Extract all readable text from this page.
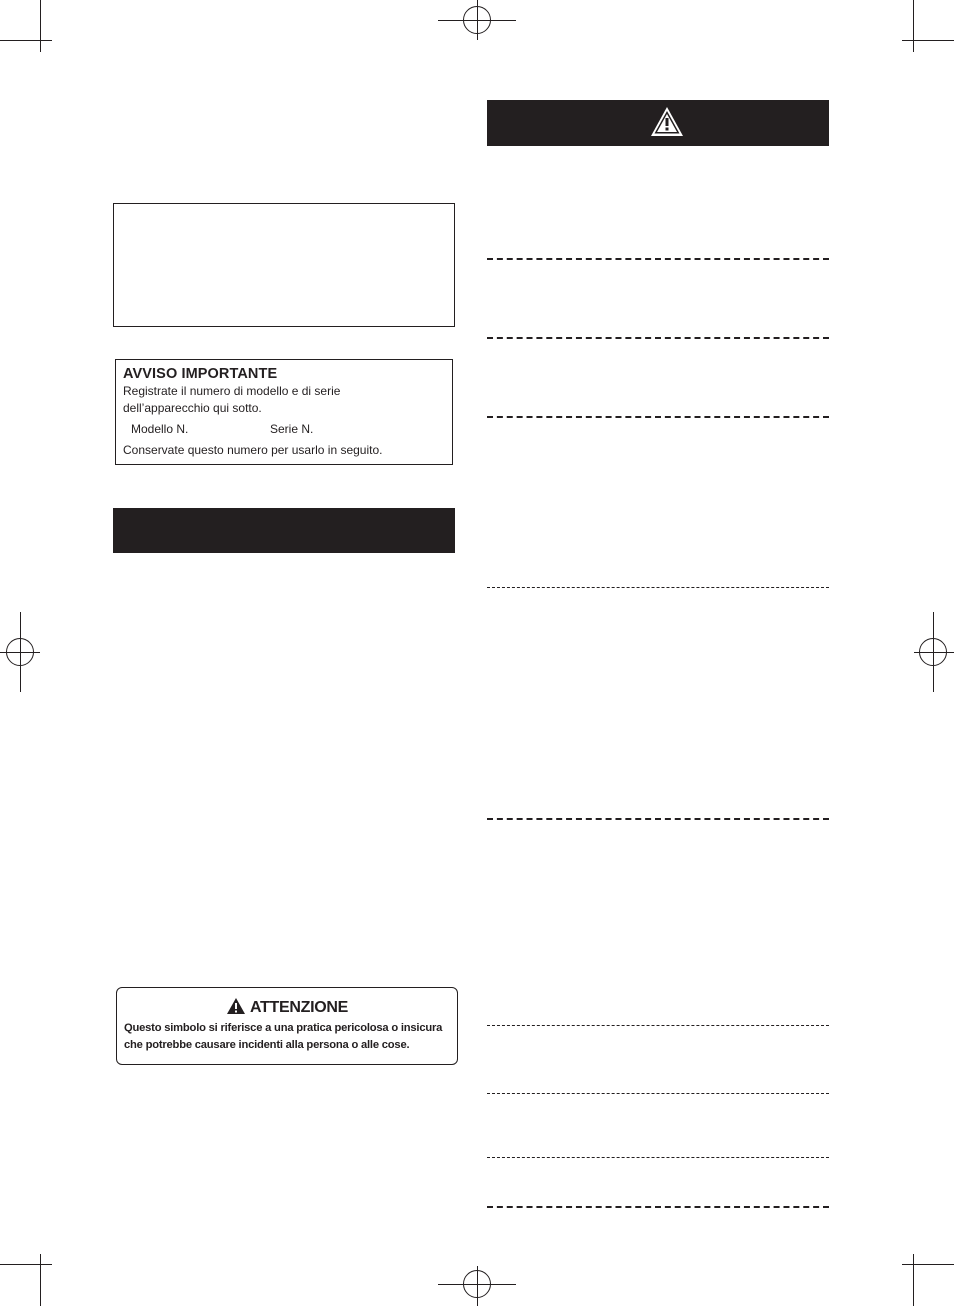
AVVISO IMPORTANTE
Registrate il numero di modello e di serie
dell’apparecchio qui sotto.
Modello N.	Serie N.
Conservate questo numero per usarlo in seguito.
ATTENZIONE
Questo simbolo si riferisce a una pratica pericolosa o insicura che potrebbe causare incidenti alla persona o alle cose.
